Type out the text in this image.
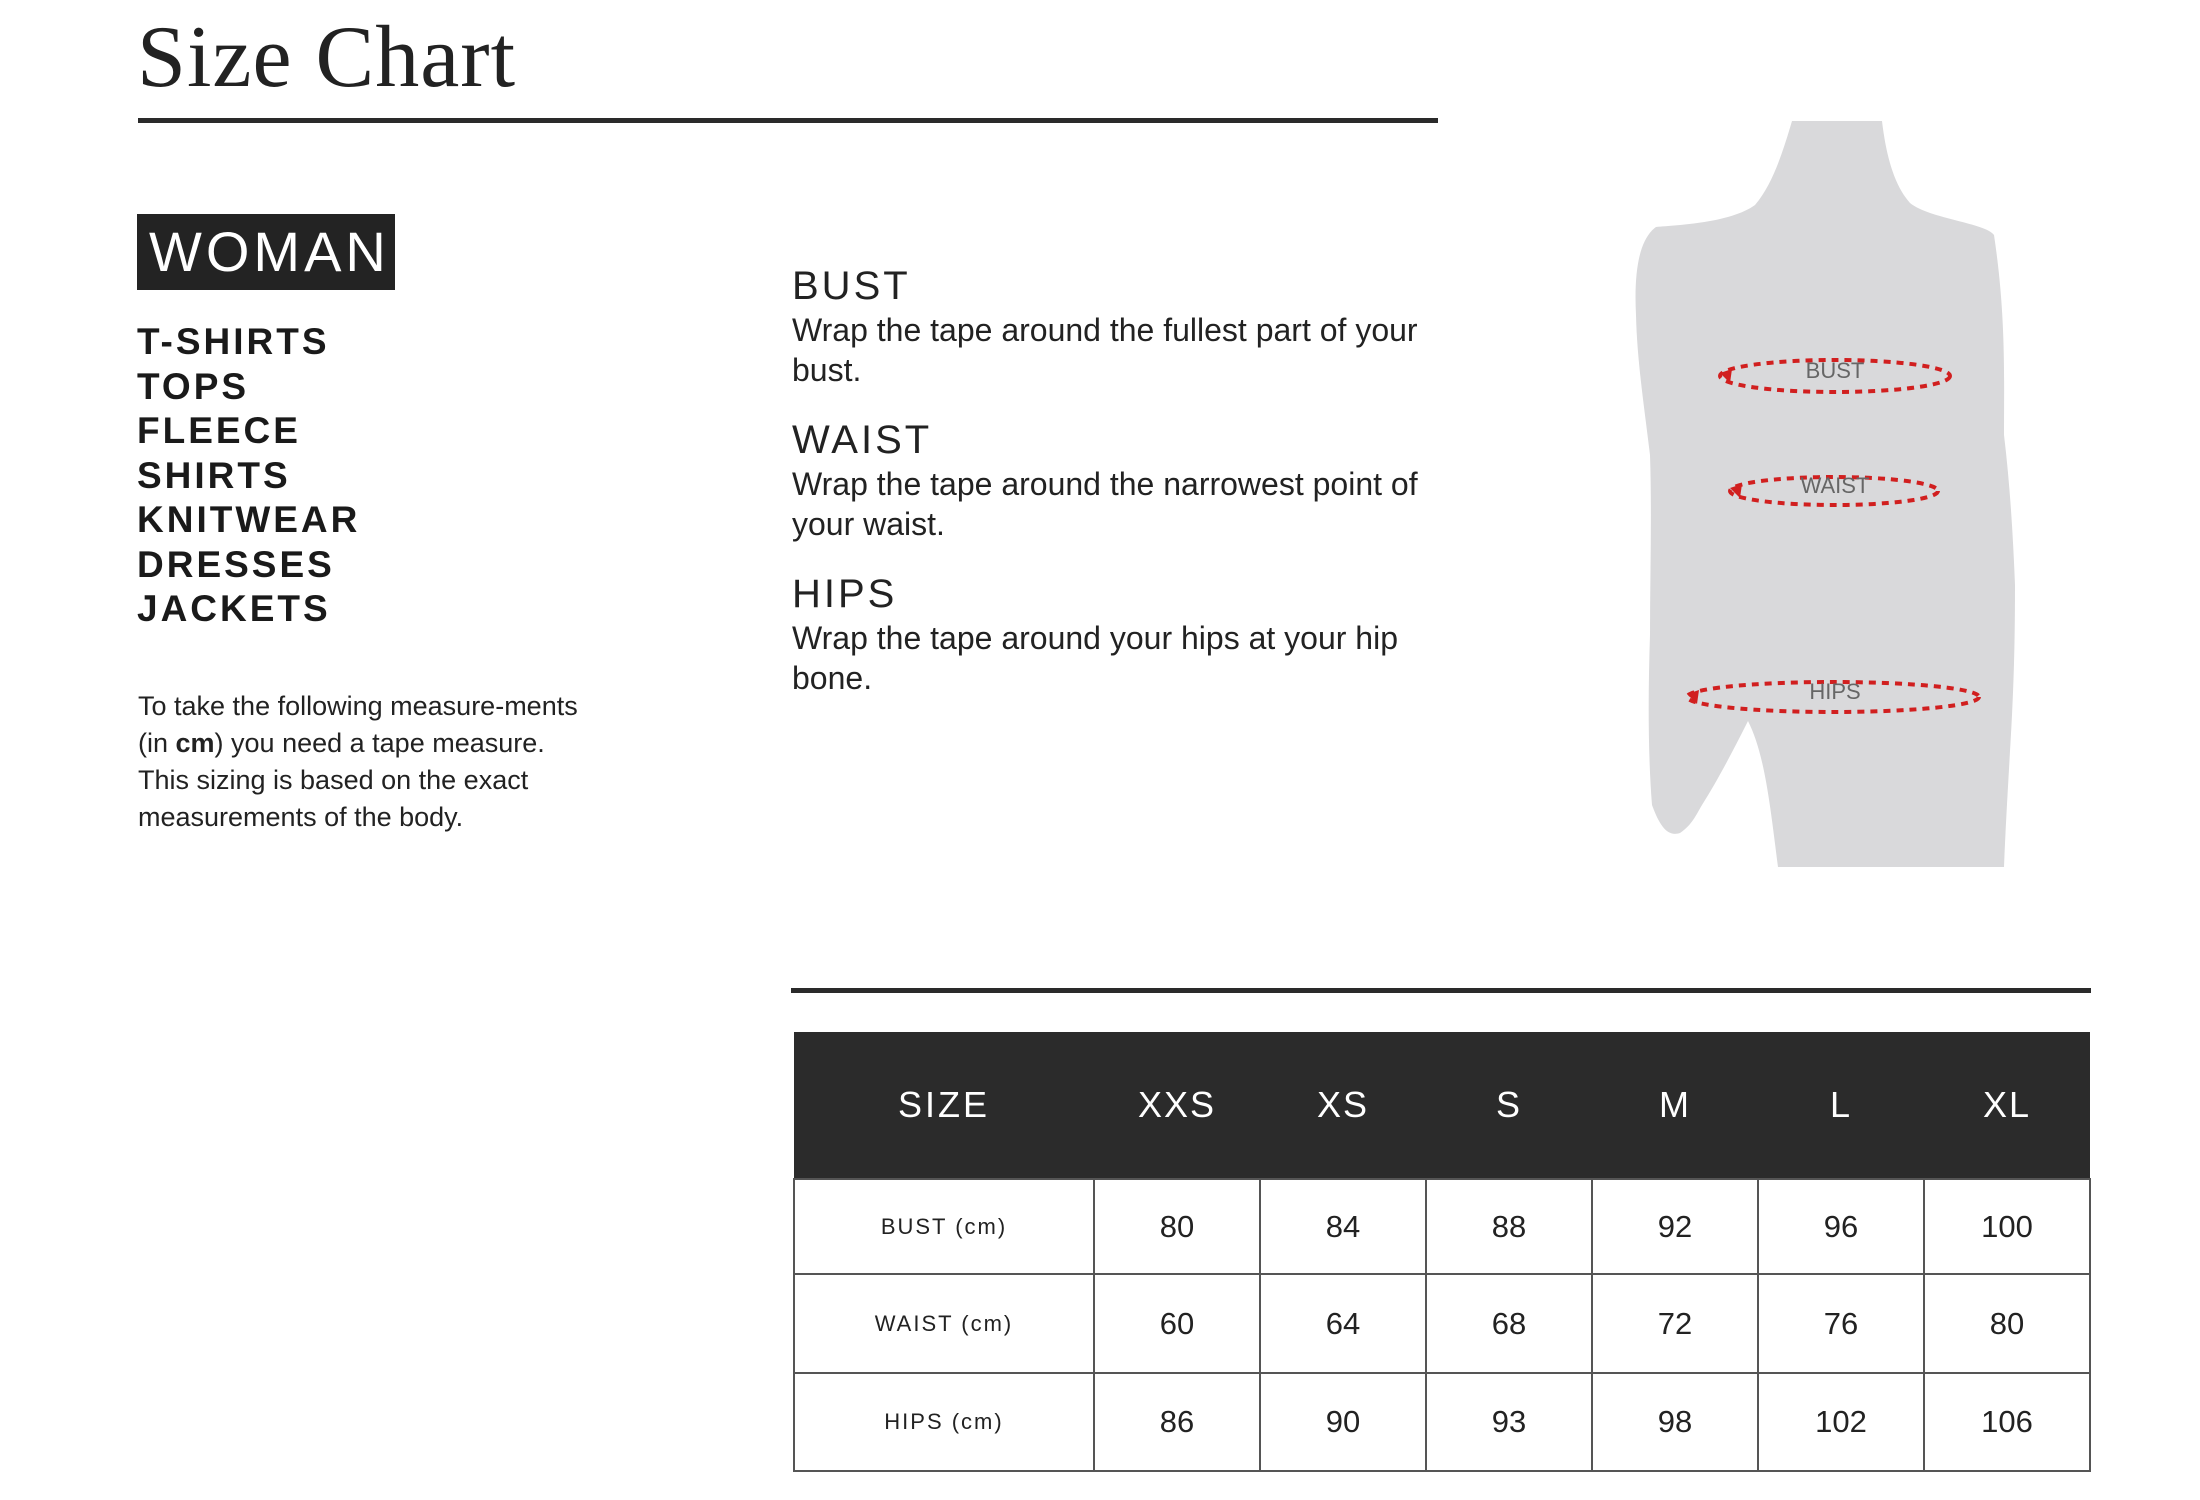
Size Chart
WOMAN
T-SHIRTS
TOPS
FLEECE
SHIRTS
KNITWEAR
DRESSES
JACKETS

To take the following measure-ments (in cm) you need a tape measure.

This sizing is based on the exact measurements of the body.

BUST

Wrap the tape around the fullest part of your bust.

WAIST

Wrap the tape around the narrowest point of your waist.

HIPS

Wrap the tape around your hips at your hip bone.

BUST
WAIST
HIPS
SIZE	XXS	XS	S	M	L	XL
BUST (cm)	80	84	88	92	96	100
WAIST (cm)	60	64	68	72	76	80
HIPS (cm)	86	90	93	98	102	106
